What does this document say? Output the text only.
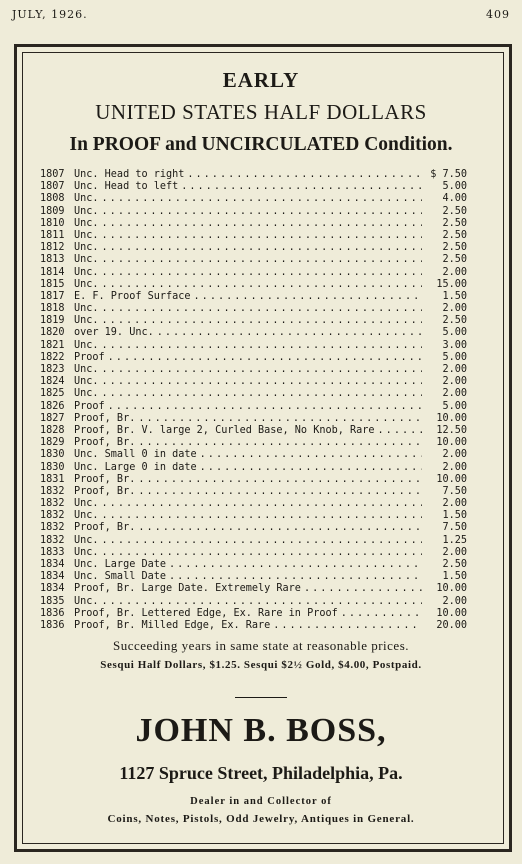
JULY, 1926.	409
EARLY
UNITED STATES HALF DOLLARS
In PROOF and UNCIRCULATED Condition.
1807 Unc. Head to right .....	$ 7.50
1807 Unc. Head to left .....	5.00
1808 Unc. .....	4.00
1809 Unc. .....	2.50
1810 Unc. .....	2.50
1811 Unc. .....	2.50
1812 Unc. .....	2.50
1813 Unc. .....	2.50
1814 Unc. .....	2.00
1815 Unc. .....	15.00
1817 E. F. Proof Surface .....	1.50
1818 Unc. .....	2.00
1819 Unc. .....	2.50
1820 over 19. Unc. .....	5.00
1821 Unc. .....	3.00
1822 Proof .....	5.00
1823 Unc. .....	2.00
1824 Unc. .....	2.00
1825 Unc. .....	2.00
1826 Proof .....	5.00
1827 Proof, Br. .....	10.00
1828 Proof, Br. V. large 2, Curled Base, No Knob, Rare .....	12.50
1829 Proof, Br. .....	10.00
1830 Unc. Small 0 in date .....	2.00
1830 Unc. Large 0 in date .....	2.00
1831 Proof, Br. .....	10.00
1832 Proof, Br. .....	7.50
1832 Unc. .....	2.00
1832 Unc. .....	1.50
1832 Proof, Br. .....	7.50
1832 Unc. .....	1.25
1833 Unc. .....	2.00
1834 Unc. Large Date .....	2.50
1834 Unc. Small Date .....	1.50
1834 Proof, Br. Large Date. Extremely Rare .....	10.00
1835 Unc. .....	2.00
1836 Proof, Br. Lettered Edge, Ex. Rare in Proof .....	10.00
1836 Proof, Br. Milled Edge, Ex. Rare .....	20.00

Succeeding years in same state at reasonable prices.

Sesqui Half Dollars, $1.25. Sesqui $2½ Gold, $4.00, Postpaid.

JOHN B. BOSS,
1127 Spruce Street, Philadelphia, Pa.
Dealer in and Collector of
Coins, Notes, Pistols, Odd Jewelry, Antiques in General.
